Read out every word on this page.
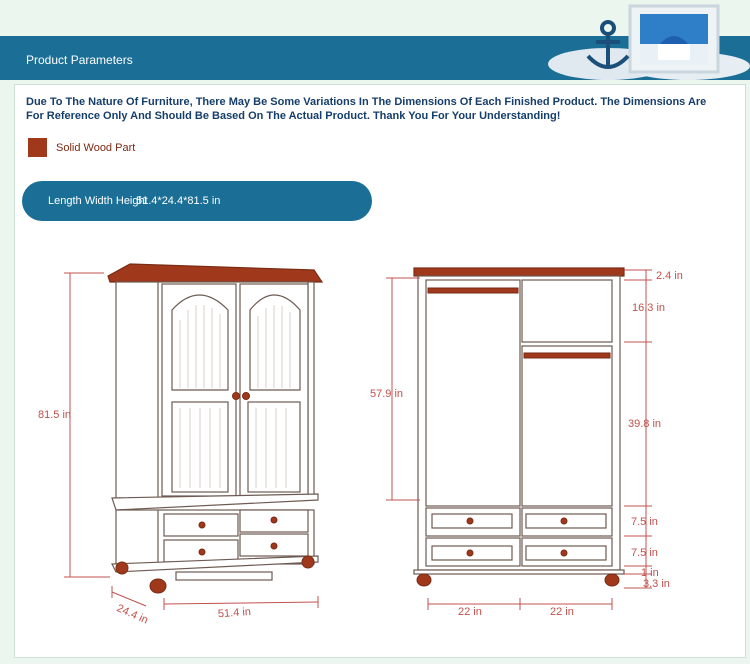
Product Parameters
Due To The Nature Of Furniture, There May Be Some Variations In The Dimensions Of Each Finished Product. The Dimensions Are For Reference Only And Should Be Based On The Actual Product. Thank You For Your Understanding!
Solid Wood Part
Length Width Height
51.4*24.4*81.5 in
81.5 in
24.4 in	51.4 in
2.4 in
16.3 in
57.9 in
39.8 in
7.5 in
7.5 in
1 in
3.3 in
22 in	22 in
